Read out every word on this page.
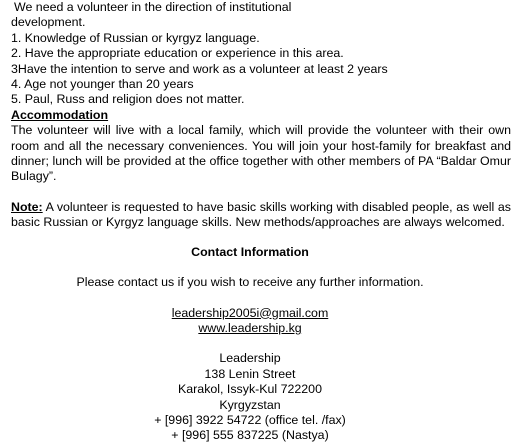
We need a volunteer in the direction of institutional
development.
1. Knowledge of Russian or kyrgyz language.
2. Have the appropriate education or experience in this area.
3Have the intention to serve and work as a volunteer at least 2 years
4. Age not younger than 20 years
5. Paul, Russ and religion does not matter.
Accommodation
The volunteer will live with a local family, which will provide the volunteer with their own room and all the necessary conveniences. You will join your host-family for breakfast and dinner; lunch will be provided at the office together with other members of PA “Baldar Omur Bulagy”.
Note: A volunteer is requested to have basic skills working with disabled people, as well as basic Russian or Kyrgyz language skills. New methods/approaches are always welcomed.
Contact Information
Please contact us if you wish to receive any further information.
leadership2005i@gmail.com
www.leadership.kg
Leadership
138 Lenin Street
Karakol, Issyk-Kul 722200
Kyrgyzstan
+ [996] 3922 54722 (office tel. /fax)
+ [996] 555 837225 (Nastya)
